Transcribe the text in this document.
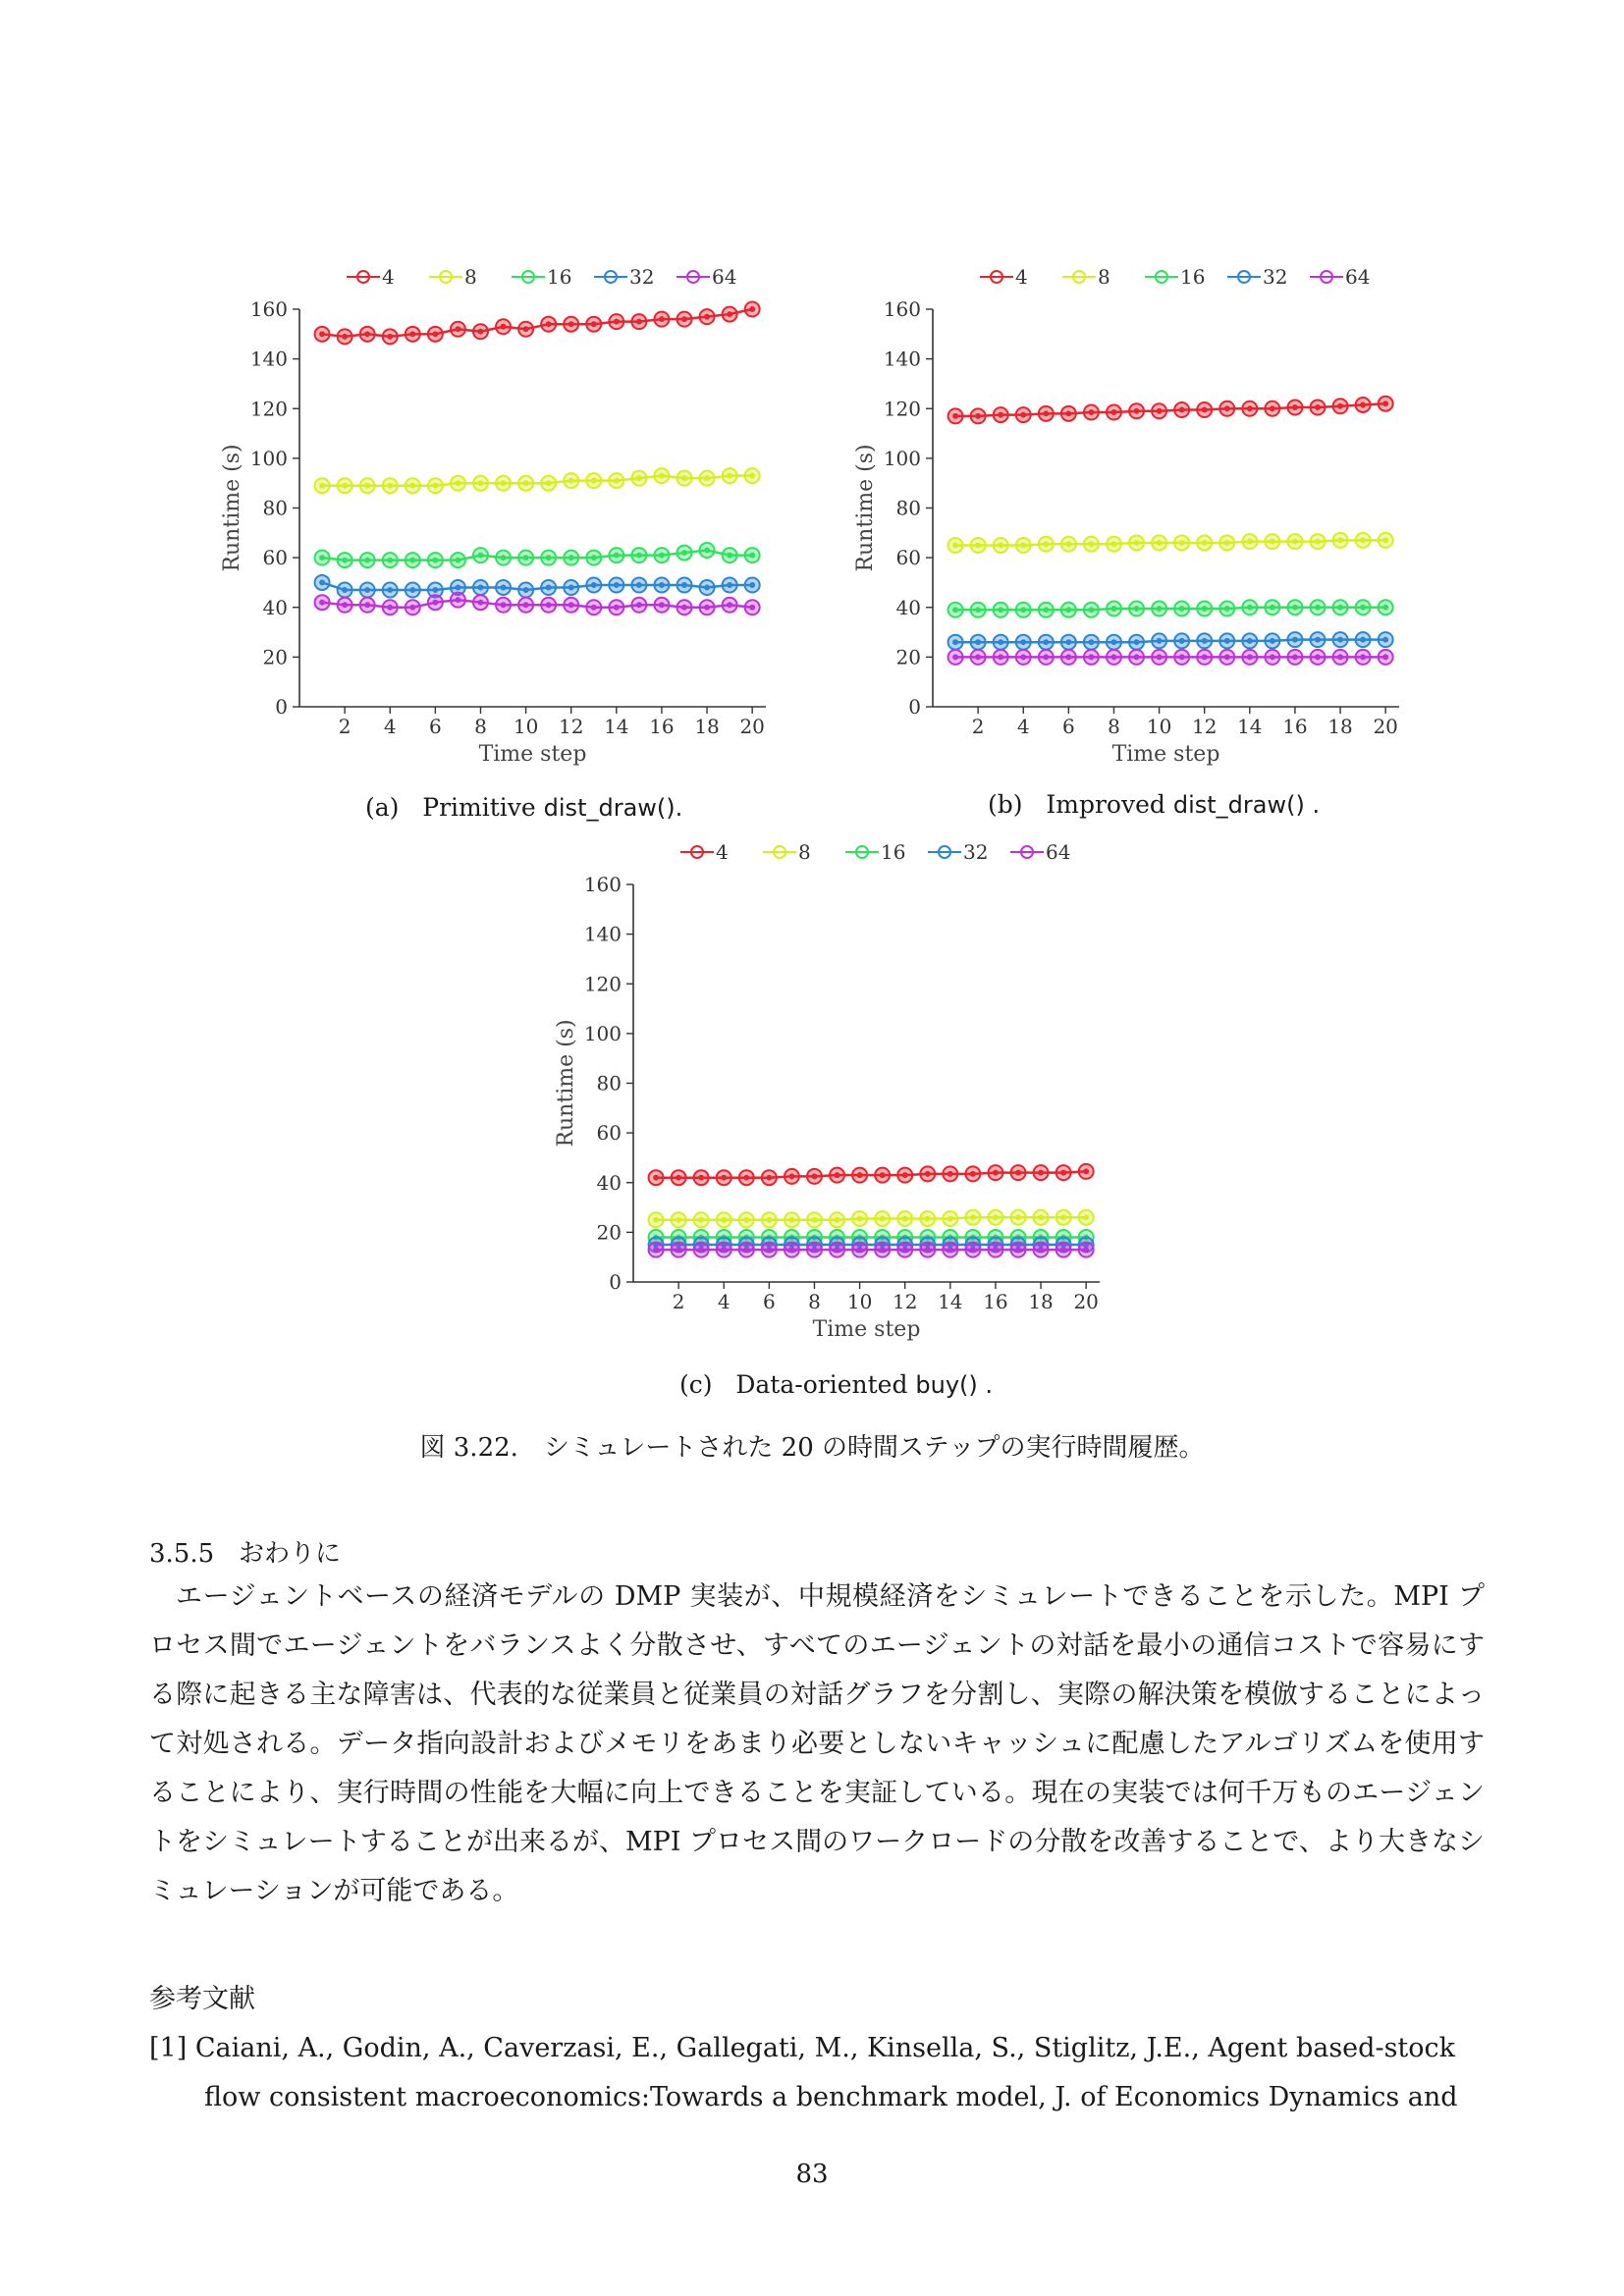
0
20
40
60
80
100
120
140
160
2 4 6 8 10 12 14 16 18 20
Time step
Runtime (s)
4	8	16	32	64
(a) Primitive dist_draw().
0
20
40
60
80
100
120
140
160
2 4 6 8 10 12 14 16 18 20
Time step
Runtime (s)
4	8	16	32	64
(b) Improved dist_draw() .
0
20
40
60
80
100
120
140
160
2 4 6 8 10 12 14 16 18 20
Time step
Runtime (s)
4	8	16	32	64
(c) Data-oriented buy() .
図 3.22.　シミュレートされた 20 の時間ステップの実行時間履歴。
3.5.5 おわりに

エージェントベースの経済モデルの DMP 実装が、中規模経済をシミュレートできることを示した。MPI プロセス間でエージェントをバランスよく分散させ、すべてのエージェントの対話を最小の通信コストで容易にする際に起きる主な障害は、代表的な従業員と従業員の対話グラフを分割し、実際の解決策を模倣することによって対処される。データ指向設計およびメモリをあまり必要としないキャッシュに配慮したアルゴリズムを使用することにより、実行時間の性能を大幅に向上できることを実証している。現在の実装では何千万ものエージェントをシミュレートすることが出来るが、MPI プロセス間のワークロードの分散を改善することで、より大きなシミュレーションが可能である。

参考文献
[1] Caiani, A., Godin, A., Caverzasi, E., Gallegati, M., Kinsella, S., Stiglitz, J.E., Agent based-stock
flow consistent macroeconomics:Towards a benchmark model, J. of Economics Dynamics and
83
